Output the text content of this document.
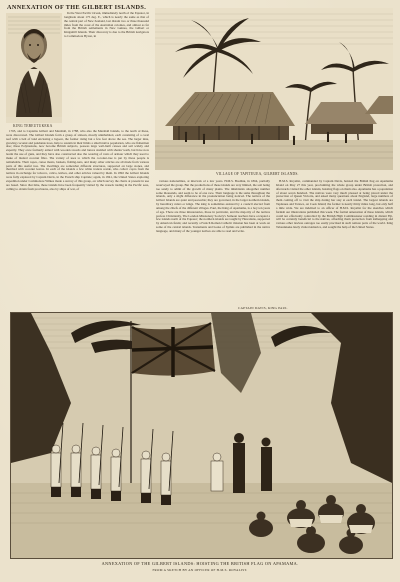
ANNEXATION OF THE GILBERT ISLANDS.
KING TEBEUTUKEKA

In the West Pacific Ocean, immediately north of the Equator, in longitude about 175 deg. E., which is nearly the same as that of the central part of New Zealand, last distant two or three thousand miles from the coast of the Australian colonies, and almost as far from the British settlements in New Guinea, the Gilbert or Kingsmill Islands. Their discovery is due to the British navigators to Commodore Byron, in

1765, and to Captains Gilbert and Marshall, in 1788, who also the Marshall Islands, to the north of these, were discovered. The Gilbert Islands form a group of sixteen, mostly uninhabited, each consisting of a coral reef with a belt of land enclosing a lagoon, the former rising but a few feet above the sea. The larger nine, growing coconut and pandanus trees, help to sustain in their limits a small native population, who are fishermen also; these Polynesians, now become British subjects, possess large well-built canoes and sail widely and expertly. They once formerly armed with wooden swords and lances studded with sharks' teeth, but have now learnt the use of guns, and they have also constructed also the wearing of vests of armour which they used to make of matted coconut fibre. The variety of uses to which the coconut-tree is put by these people is remarkable. Their ropes, canoe masts, baskets, fishing-nets, and many other articles are all made from various parts of this useful tree. The dwellings are somewhat different structures, supported on large stones, and thatched with coconut leaves. In each of the islands a few white traders reside, who collect copra from the natives in exchange for tobacco, calico, knives, and other articles valued by them. In 1892 the Gilbert Islands were fully explored by Captain Davis, in the French ship Capitale; again, in 1841, the United States exploring expedition under Commodore Wilkes made a survey of this group, on which survey the charts at present in use are based. Since that time, these islands have been frequently visited by the vessels trading in the Pacific seas, calling to obtain fresh provisions, also by ships of war, of

VILLAGE OF TAPITEUEA, GILBERT ISLANDS.

various nationalities, at intervals of a few years. H.M.S. Basilisk, in 1864, partially resurveyed the group. But the productions of these islands are very limited, the soil being too sandy to admit of the growth of many plants. The inhabitants altogether number some thousands, and seem to be of one race. Their language is the same throughout the islands, only a slight difference in the pronunciation being noticed. The natives of the Gilbert Islands are quiet and peaceable; they are governed, in the larger northern islands, by hereditary rulers or kings. The king is sometimes assisted by a council elected from among the chiefs of the different villages. Paul, the King of Apamama, is a boy ten years of age. There are three missionaries, those in particular, and the majority of the natives profess Christianity. The London Missionary Society's Samoan teachers have occupied a few islands north of the Equator; the northern islands are taught by Hawaiians, supported by American funds; and recently a French Roman Catholic mission has been at work on some of the central islands. Testaments and books of hymns are published in the native language, and many of the younger natives are able to read and write.

H.M.S. Royalist, commanded by Captain Davis, hoisted the British flag on Apamama Island on May 27 this year, proclaiming the whole group under British protection, and afterwards visited the other islands, hoisting flags on them also. Apamama has a population of about seven hundred. The natives were very much pleased at being placed under the protection of Queen Victoria, and asked many questions about England, large numbers of them coming off to visit the ship during her stay at each island. The largest islands are Tapiteuea and Tarawa, on Cook Island; the former is nearly thirty miles long, but only half a mile wide. We are indebted to an officer of H.M.S. Royalist for the sketches which furnish our illustrations published this week. The formal annexation of these islands, which could not effectually controlled by the British High Commissioner residing in distant Fiji, will be certainly beneficial to the natives, affording them protection from kidnapping and various other lawless outrages too easily practised in such remote parts of the world. King Tebeutukeka lately visited America, and sought the help of the United States.

CAPTAIN DAVIS, KING PAUL
ANNEXATION OF THE GILBERT ISLANDS: HOISTING THE BRITISH FLAG ON APAMAMA.
FROM A SKETCH BY AN OFFICER OF H.M.S. ROYALIST.
